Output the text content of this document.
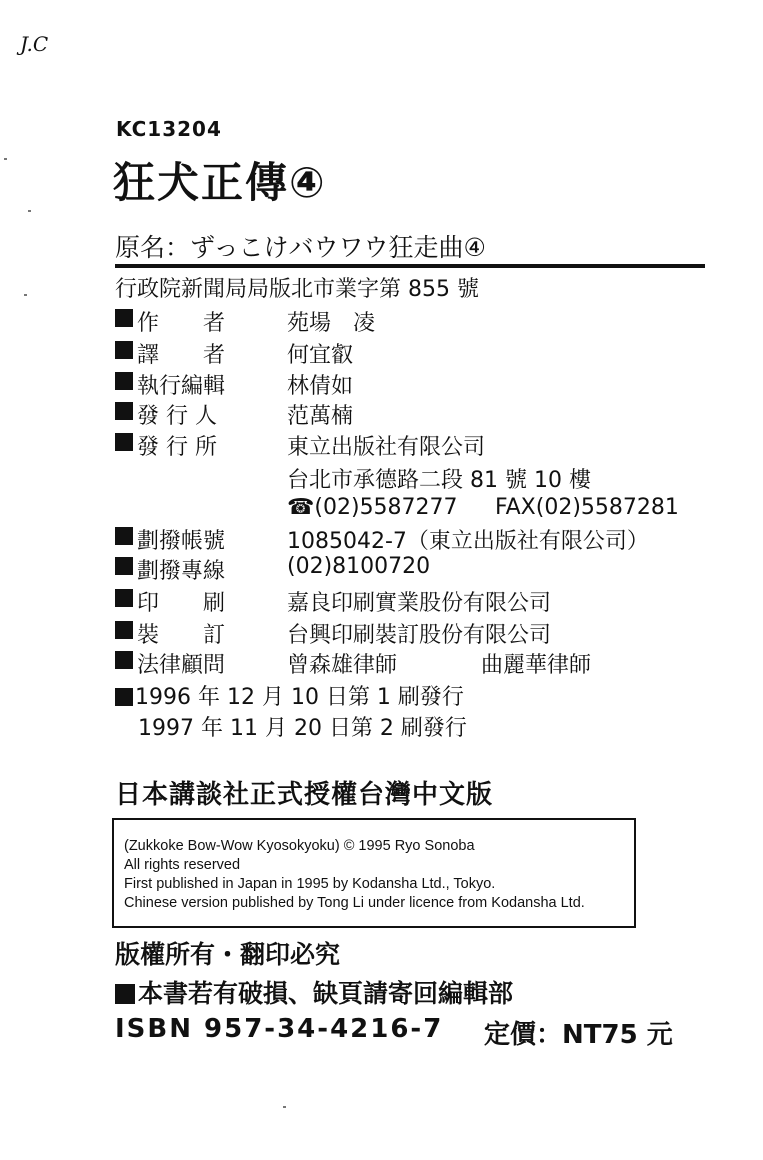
J.C
KC13204
狂犬正傳④
原名：ずっこけバウワウ狂走曲④
行政院新聞局局版北市業字第 855 號
作　　者	苑場　凌
譯　　者	何宜叡
執行編輯	林倩如
發 行 人	范萬楠
發 行 所	東立出版社有限公司
台北市承德路二段 81 號 10 樓
☎(02)5587277 FAX(02)5587281
劃撥帳號	1085042-7（東立出版社有限公司）
劃撥專線	(02)8100720
印　　刷	嘉良印刷實業股份有限公司
裝　　訂	台興印刷裝訂股份有限公司
法律顧問	曾森雄律師	曲麗華律師
1996 年 12 月 10 日第 1 刷發行
1997 年 11 月 20 日第 2 刷發行
日本講談社正式授權台灣中文版
(Zukkoke Bow-Wow Kyosokyoku) © 1995 Ryo Sonoba
All rights reserved
First published in Japan in 1995 by Kodansha Ltd., Tokyo.
Chinese version published by Tong Li under licence from Kodansha Ltd.
版權所有・翻印必究
本書若有破損、缺頁請寄回編輯部
ISBN 957-34-4216-7 定價：NT75 元
